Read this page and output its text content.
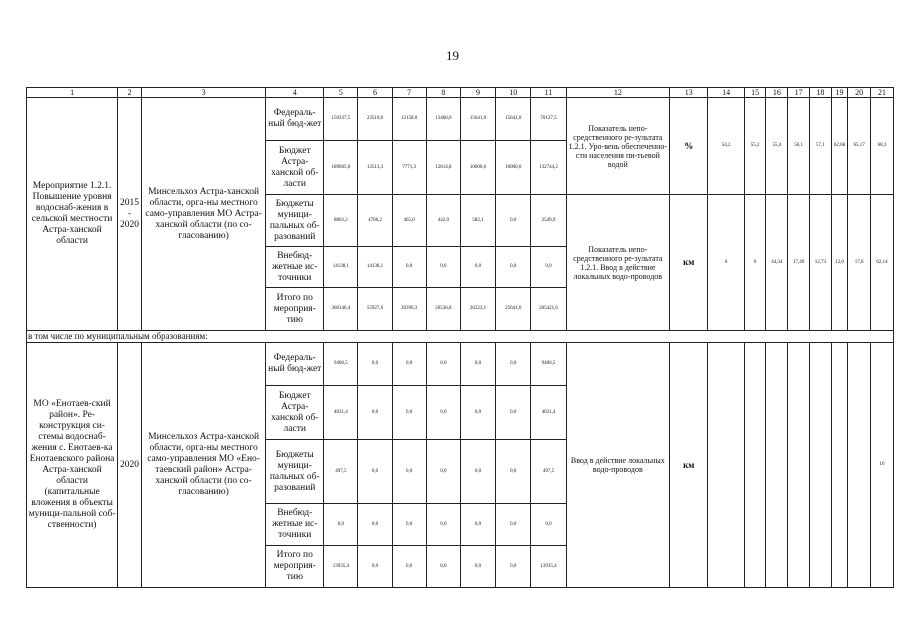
19
1	2	3	4	5	6	7	8	9	10	11	12	13	14	15	16	17	18	19	20	21
Мероприятие 1.2.1. Повышение уровня водоснаб-жения в сельской местности Астра-ханской области	2015 - 2020	Минсельхоз Астра-ханской области, орга-ны местного само-управления МО Астра-ханской области (по со-гласованию)	Федераль-ный бюд-жет	150337,5	23510,0	12158,0	13460,0	15641,0	15641,0	70127,5	Показатель непо-средственного ре-зультата 1.2.1. Уро-вень обеспеченно-сти населения пи-тьевой водой	%	54,2	55,2	55,4	56,1	57,1	62,68	65,17	68,3
			Бюджет Астра-ханской об-ласти	189665,6	13513,3	7771,3	12614,8	10000,0	10000,0	132744,2										
			Бюджеты муници-пальных об-разований	8803,2	4766,2	465,0	442,0	582,1	0,0	2549,9	Показатель непо-средственного ре-зультата 1.2.1. Ввод в действие локальных водо-проводов	км	0	0	44,34	17,49	12,73	12,0	17,8	62,14
			Внебюд-жетные ис-точники	14138,1	14138,1	0,0	0,0	0,0	0,0	0,0										
			Итого по мероприя-тию	360146,4	55927,6	20396,3	26536,8	26223,1	25641,0	205421,6										
в том числе по муниципальным образованиям:																				
МО «Енотаев-ский район». Ре-конструкция си-стемы водоснаб-жения с. Енотаев-ка Енотаевского района Астра-ханской области (капитальные вложения в объекты муници-пальной соб-ственности)	2020	Минсельхоз Астра-ханской области, орга-ны местного само-управления МО «Ено-таевский район» Астра-ханской области (по со-гласованию)	Федераль-ный бюд-жет	9406,5	0,0	0,0	0,0	0,0	0,0	9406,5	Ввод в действие локальных водо-проводов	км								10
			Бюджет Астра-ханской об-ласти	4031,4	0,0	0,0	0,0	0,0	0,0	4031,4										
			Бюджеты муници-пальных об-разований	497,5	0,0	0,0	0,0	0,0	0,0	497,5										
			Внебюд-жетные ис-точники	0,0	0,0	0,0	0,0	0,0	0,0	0,0										
			Итого по мероприя-тию	13935,4	0,0	0,0	0,0	0,0	0,0	13935,4										
